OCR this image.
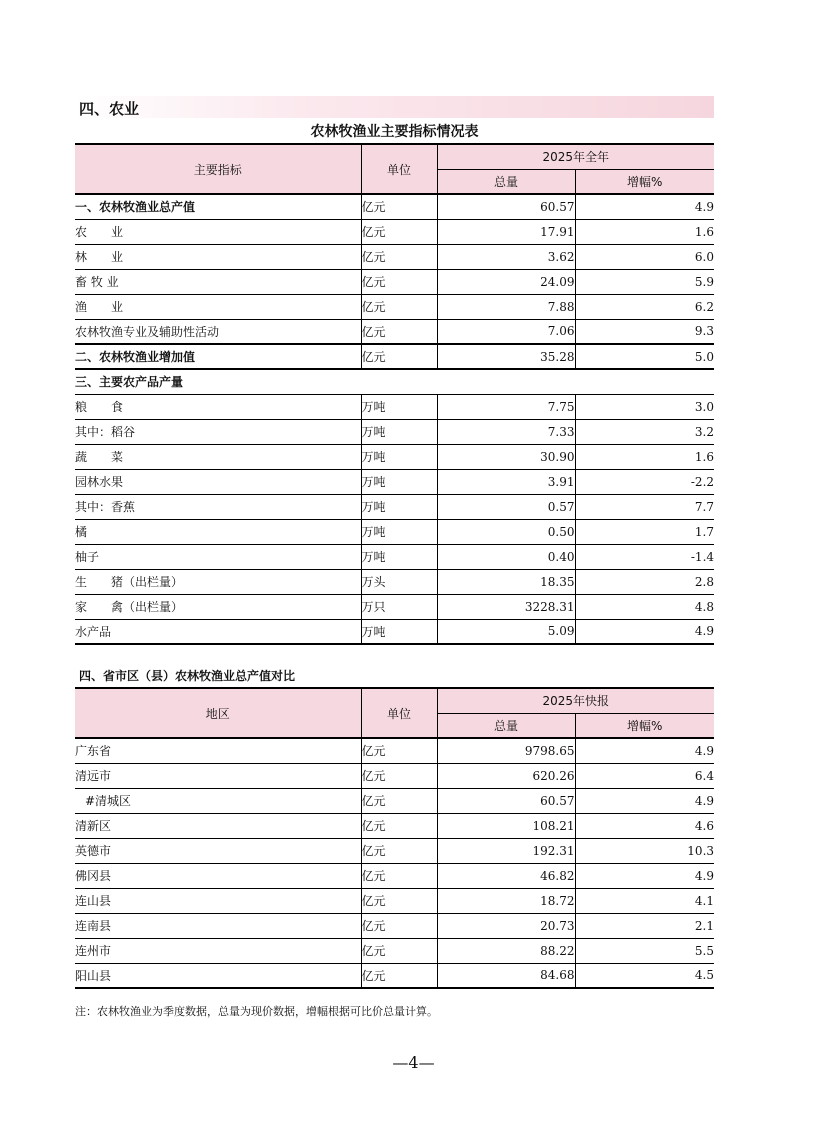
四、农业
农林牧渔业主要指标情况表
主要指标	单位	2025年全年	
		总量	增幅%
一、农林牧渔业总产值	亿元	60.57	4.9
农　　业	亿元	17.91	1.6
林　　业	亿元	3.62	6.0
畜 牧 业	亿元	24.09	5.9
渔　　业	亿元	7.88	6.2
农林牧渔专业及辅助性活动	亿元	7.06	9.3
二、农林牧渔业增加值	亿元	35.28	5.0
三、主要农产品产量			
粮　　食	万吨	7.75	3.0
其中：稻谷	万吨	7.33	3.2
蔬　　菜	万吨	30.90	1.6
园林水果	万吨	3.91	-2.2
其中：香蕉	万吨	0.57	7.7
橘	万吨	0.50	1.7
柚子	万吨	0.40	-1.4
生　　猪（出栏量）	万头	18.35	2.8
家　　禽（出栏量）	万只	3228.31	4.8
水产品	万吨	5.09	4.9
四、省市区（县）农林牧渔业总产值对比			
地区	单位	2025年快报	
		总量	增幅%
广东省	亿元	9798.65	4.9
清远市	亿元	620.26	6.4
#清城区	亿元	60.57	4.9
清新区	亿元	108.21	4.6
英德市	亿元	192.31	10.3
佛冈县	亿元	46.82	4.9
连山县	亿元	18.72	4.1
连南县	亿元	20.73	2.1
连州市	亿元	88.22	5.5
阳山县	亿元	84.68	4.5
注：农林牧渔业为季度数据，总量为现价数据，增幅根据可比价总量计算。
—4—
